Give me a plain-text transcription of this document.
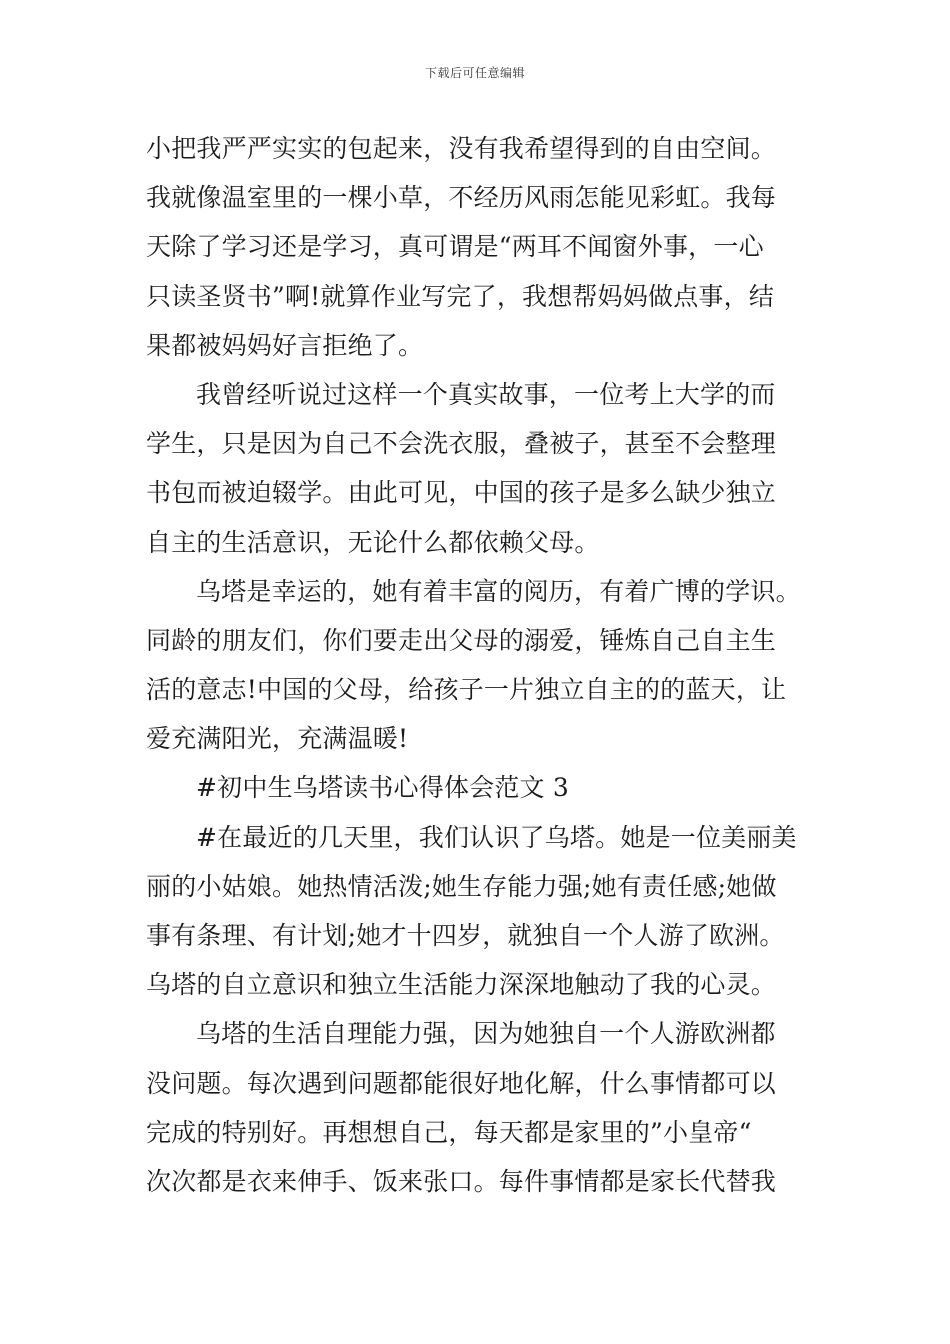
下载后可任意编辑
小把我严严实实的包起来，没有我希望得到的自由空间。
我就像温室里的一棵小草，不经历风雨怎能见彩虹。我每
天除了学习还是学习，真可谓是“两耳不闻窗外事，一心
只读圣贤书”啊!就算作业写完了，我想帮妈妈做点事，结
果都被妈妈好言拒绝了。
我曾经听说过这样一个真实故事，一位考上大学的而
学生，只是因为自己不会洗衣服，叠被子，甚至不会整理
书包而被迫辍学。由此可见，中国的孩子是多么缺少独立
自主的生活意识，无论什么都依赖父母。
乌塔是幸运的，她有着丰富的阅历，有着广博的学识。
同龄的朋友们，你们要走出父母的溺爱，锤炼自己自主生
活的意志!中国的父母，给孩子一片独立自主的的蓝天，让
爱充满阳光，充满温暖!
#初中生乌塔读书心得体会范文 3
#在最近的几天里，我们认识了乌塔。她是一位美丽美
丽的小姑娘。她热情活泼;她生存能力强;她有责任感;她做
事有条理、有计划;她才十四岁，就独自一个人游了欧洲。
乌塔的自立意识和独立生活能力深深地触动了我的心灵。
乌塔的生活自理能力强，因为她独自一个人游欧洲都
没问题。每次遇到问题都能很好地化解，什么事情都可以
完成的特别好。再想想自己，每天都是家里的”小皇帝“
次次都是衣来伸手、饭来张口。每件事情都是家长代替我
